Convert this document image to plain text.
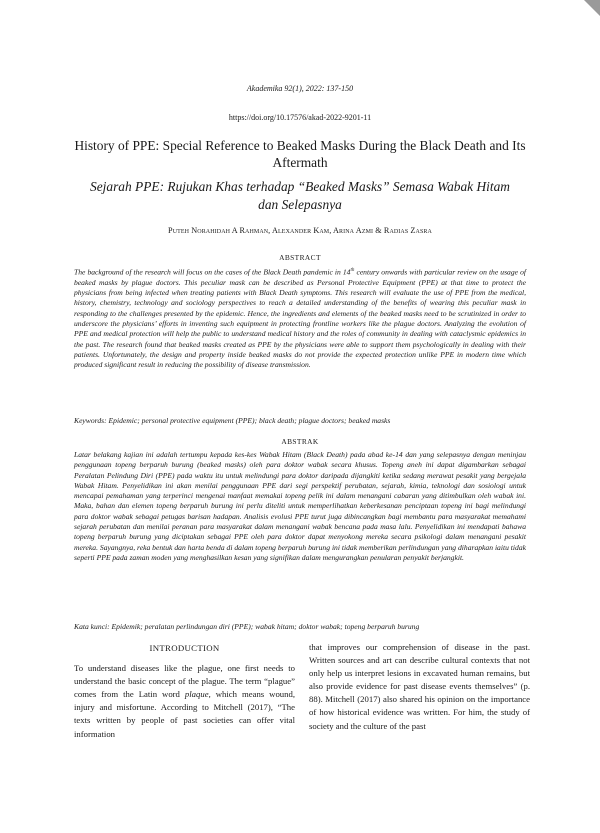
Akademika 92(1), 2022: 137-150
https://doi.org/10.17576/akad-2022-9201-11
History of PPE: Special Reference to Beaked Masks During the Black Death and Its Aftermath
Sejarah PPE: Rujukan Khas terhadap “Beaked Masks” Semasa Wabak Hitam dan Selepasnya
Puteh Norahidah A Rahman, Alexander Kam, Arina Azmi & Radias Zasra
ABSTRACT
The background of the research will focus on the cases of the Black Death pandemic in 14th century onwards with particular review on the usage of beaked masks by plague doctors. This peculiar mask can be described as Personal Protective Equipment (PPE) at that time to protect the physicians from being infected when treating patients with Black Death symptoms. This research will evaluate the use of PPE from the medical, history, chemistry, technology and sociology perspectives to reach a detailed understanding of the benefits of wearing this peculiar mask in responding to the challenges presented by the epidemic. Hence, the ingredients and elements of the beaked masks need to be scrutinized in order to underscore the physicians’ efforts in inventing such equipment in protecting frontline workers like the plague doctors. Analyzing the evolution of PPE and medical protection will help the public to understand medical history and the roles of community in dealing with cataclysmic epidemics in the past. The research found that beaked masks created as PPE by the physicians were able to support them psychologically in dealing with their patients. Unfortunately, the design and property inside beaked masks do not provide the expected protection unlike PPE in modern time which produced significant result in reducing the possibility of disease transmission.
Keywords: Epidemic; personal protective equipment (PPE); black death; plague doctors; beaked masks
ABSTRAK
Latar belakang kajian ini adalah tertumpu kepada kes-kes Wabak Hitam (Black Death) pada abad ke-14 dan yang selepasnya dengan meninjau penggunaan topeng berparuh burung (beaked masks) oleh para doktor wabak secara khusus. Topeng aneh ini dapat digambarkan sebagai Peralatan Pelindung Diri (PPE) pada waktu itu untuk melindungi para doktor daripada dijangkiti ketika sedang merawat pesakit yang bergejala Wabak Hitam. Penyelidikan ini akan menilai penggunaan PPE dari segi perspektif perubatan, sejarah, kimia, teknologi dan sosiologi untuk mencapai pemahaman yang terperinci mengenai manfaat memakai topeng pelik ini dalam menangani cabaran yang ditimbulkan oleh wabak ini. Maka, bahan dan elemen topeng berparuh burung ini perlu diteliti untuk memperlihatkan keberkesanan penciptaan topeng ini bagi melindungi para doktor wabak sebagai petugas barisan hadapan. Analisis evolusi PPE turut juga dibincangkan bagi membantu para masyarakat memahami sejarah perubatan dan menilai peranan para masyarakat dalam menangani wabak bencana pada masa lalu. Penyelidikan ini mendapati bahawa topeng berparuh burung yang diciptakan sebagai PPE oleh para doktor dapat menyokong mereka secara psikologi dalam menangani pesakit mereka. Sayangnya, reka bentuk dan harta benda di dalam topeng berparuh burung ini tidak memberikan perlindungan yang diharapkan iaitu tidak seperti PPE pada zaman moden yang menghasilkan kesan yang signifikan dalam mengurangkan penularan penyakit berjangkit.
Kata kunci: Epidemik; peralatan perlindungan diri (PPE); wabak hitam; doktor wabak; topeng berparuh burung
INTRODUCTION

To understand diseases like the plague, one first needs to understand the basic concept of the plague. The term “plague” comes from the Latin word plaque, which means wound, injury and misfortune. According to Mitchell (2017), “The texts written by people of past societies can offer vital information

that improves our comprehension of disease in the past. Written sources and art can describe cultural contexts that not only help us interpret lesions in excavated human remains, but also provide evidence for past disease events themselves” (p. 88). Mitchell (2017) also shared his opinion on the importance of how historical evidence was written. For him, the study of society and the culture of the past
